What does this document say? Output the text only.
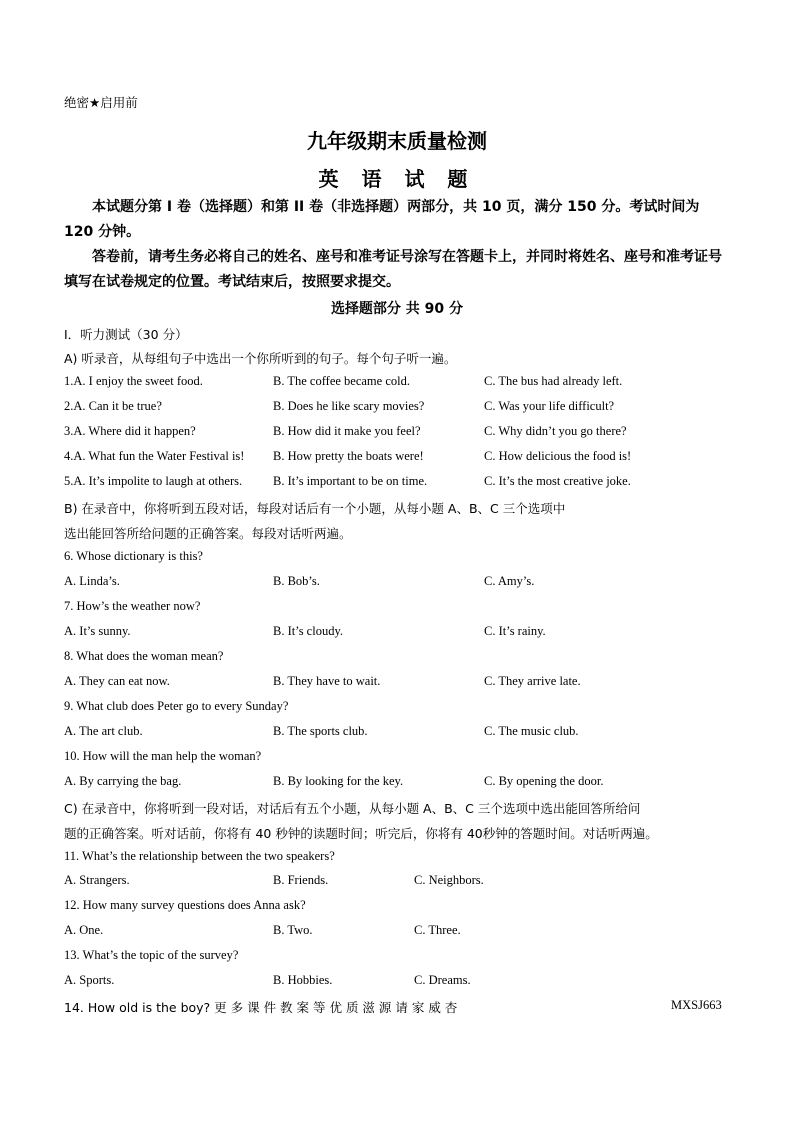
绝密★启用前
九年级期末质量检测
英 语 试 题
本试题分第 I 卷（选择题）和第 II 卷（非选择题）两部分，共 10 页，满分 150 分。考试时间为 120 分钟。
答卷前，请考生务必将自己的姓名、座号和准考证号涂写在答题卡上，并同时将姓名、座号和准考证号填写在试卷规定的位置。考试结束后，按照要求提交。
选择题部分 共 90 分
I．听力测试（30 分）
A) 听录音，从每组句子中选出一个你所听到的句子。每个句子听一遍。
1.A. I enjoy the sweet food.	B. The coffee became cold.	C. The bus had already left.
2.A. Can it be true?	B. Does he like scary movies?	C. Was your life difficult?
3.A. Where did it happen?	B. How did it make you feel?	C. Why didn’t you go there?
4.A. What fun the Water Festival is! B. How pretty the boats were!	C. How delicious the food is!
5.A. It’s impolite to laugh at others. B. It’s important to be on time.	C. It’s the most creative joke.
B) 在录音中，你将听到五段对话，每段对话后有一个小题，从每小题 A、B、C 三个选项中
选出能回答所给问题的正确答案。每段对话听两遍。
6. Whose dictionary is this?
A. Linda’s.	B. Bob’s.	C. Amy’s.
7. How’s the weather now?
A. It’s sunny.	B. It’s cloudy.	C. It’s rainy.
8. What does the woman mean?
A. They can eat now.	B. They have to wait.	C. They arrive late.
9. What club does Peter go to every Sunday?
A. The art club.	B. The sports club.	C. The music club.
10. How will the man help the woman?
A. By carrying the bag.	B. By looking for the key.	C. By opening the door.
C) 在录音中，你将听到一段对话，对话后有五个小题，从每小题 A、B、C 三个选项中选出能回答所给问
题的正确答案。听对话前，你将有 40 秒钟的读题时间；听完后，你将有 40秒钟的答题时间。对话听两遍。
11. What’s the relationship between the two speakers?
A. Strangers.	B. Friends.	C. Neighbors.
12. How many survey questions does Anna ask?
A. One.	B. Two.	C. Three.
13. What’s the topic of the survey?
A. Sports.	B. Hobbies.	C. Dreams.
14. How old is the boy? 更 多 课 件 教 案 等 优 质 滋 源 请 家 威 杏	MXSJ663
